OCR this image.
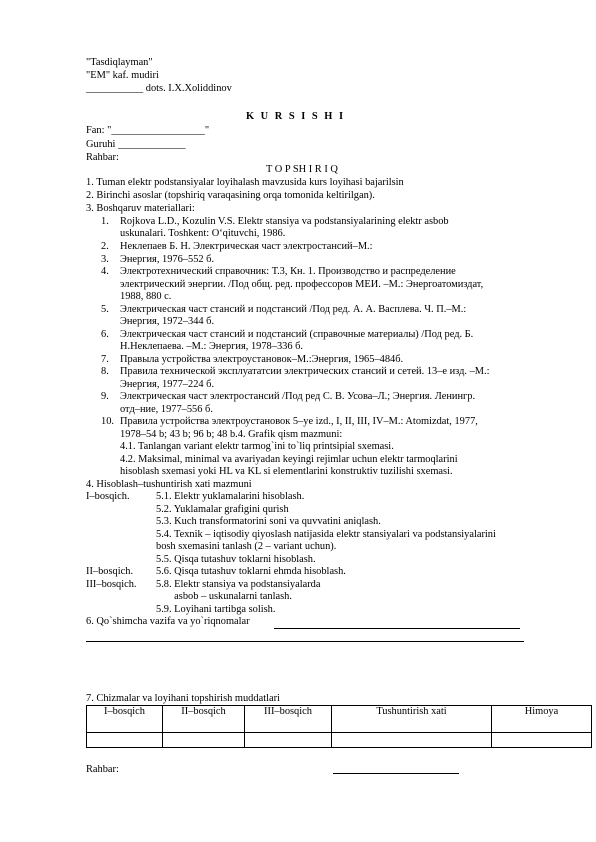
"Tasdiqlayman"
"EM" kaf. mudiri
___________ dots. I.X.Xoliddinov
K U R S I S H I
Fan: "__________________"
Guruhi _____________
Rahbar:
T O P SH I R I Q
1. Tuman elektr podstansiyalar loyihalash mavzusida kurs loyihasi bajarilsin
2. Birinchi asoslar (topshiriq varaqasining orqa tomonida keltirilgan).
3. Boshqaruv materiallari:
1. Rojkova L.D., Kozulin V.S. Elektr stansiya va podstansiyalarining elektr asbob
uskunalari. Toshkent: O‘qituvchi, 1986.
2. Неклепаев Б. Н. Электрическая част электростансий–М.:
3. Энергия, 1976–552 б.
4. Электротехнический справочник: Т.3, Кн. 1. Производство и распределение
электрический энергии. /Под общ. ред. профессоров МЕИ. –М.: Энергоатомиздат,
1988, 880 с.
5. Электрическая част стансий и подстансий /Под ред. А. А. Васплева. Ч. П.–М.:
Энергия, 1972–344 б.
6. Электрическая част стансий и подстансий (справочные материалы) /Под ред. Б.
Н.Неклепаева. –М.: Энергия, 1978–336 б.
7. Правыла устройства электроустановок–М.:Энергия, 1965–484б.
8. Правила технической эксплуататсии электрических стансий и сетей. 13–е изд. –М.:
Энергия, 1977–224 б.
9. Электрическая част электростансий /Под ред С. В. Усова–Л.; Энергия. Ленингр.
отд–ние, 1977–556 б.
10. Правила устройства электроустановок 5–ye izd., I, II, III, IV–M.: Atomizdat, 1977,
1978–54 b; 43 b; 96 b; 48 b.4. Grafik qism mazmuni:
4.1. Tanlangan variant elektr tarmog`ini to`liq printsipial sxemasi.
4.2. Maksimal, minimal va avariyadan keyingi rejimlar uchun elektr tarmoqlarini
hisoblash sxemasi yoki HL va KL si elementlarini konstruktiv tuzilishi sxemasi.
4. Hisoblash–tushuntirish xati mazmuni
I–bosqich.	5.1. Elektr yuklamalarini hisoblash.
5.2. Yuklamalar grafigini qurish
5.3. Kuch transformatorini soni va quvvatini aniqlash.
5.4. Texnik – iqtisodiy qiyoslash natijasida elektr stansiyalari va podstansiyalarini
bosh sxemasini tanlash (2 – variant uchun).
5.5. Qisqa tutashuv toklarni hisoblash.
II–bosqich. 5.6. Qisqa tutashuv toklarni ehmda hisoblash.
III–bosqich. 5.8. Elektr stansiya va podstansiyalarda
asbob – uskunalarni tanlash.
5.9. Loyihani tartibga solish.
6. Qo`shimcha vazifa va yo`riqnomalar
7. Chizmalar va loyihani topshirish muddatlari
I–bosqich	II–bosqich	III–bosqich	Tushuntirish xati	Himoya

Rahbar:
